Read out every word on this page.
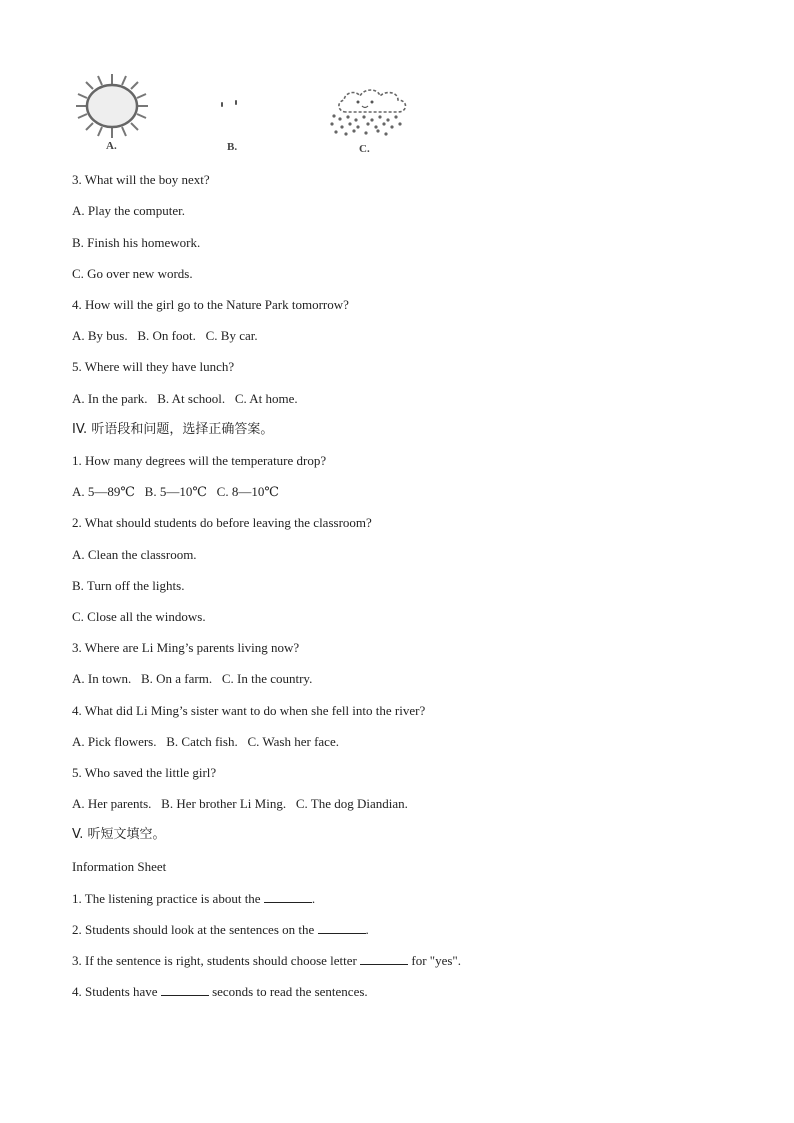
A.	B.	C.
3. What will the boy next?
A. Play the computer.
B. Finish his homework.
C. Go over new words.
4. How will the girl go to the Nature Park tomorrow?
A. By bus.   B. On foot.   C. By car.
5. Where will they have lunch?
A. In the park.   B. At school.   C. At home.
IV. 听语段和问题，选择正确答案。
1. How many degrees will the temperature drop?
A. 5—89℃   B. 5—10℃   C. 8—10℃
2. What should students do before leaving the classroom?
A. Clean the classroom.
B. Turn off the lights.
C. Close all the windows.
3. Where are Li Ming’s parents living now?
A. In town.   B. On a farm.   C. In the country.
4. What did Li Ming’s sister want to do when she fell into the river?
A. Pick flowers.   B. Catch fish.   C. Wash her face.
5. Who saved the little girl?
A. Her parents.   B. Her brother Li Ming.   C. The dog Diandian.
V. 听短文填空。
Information Sheet
1. The listening practice is about the	.
2. Students should look at the sentences on the	.
3. If the sentence is right, students should choose letter	for "yes".
4. Students have	seconds to read the sentences.
